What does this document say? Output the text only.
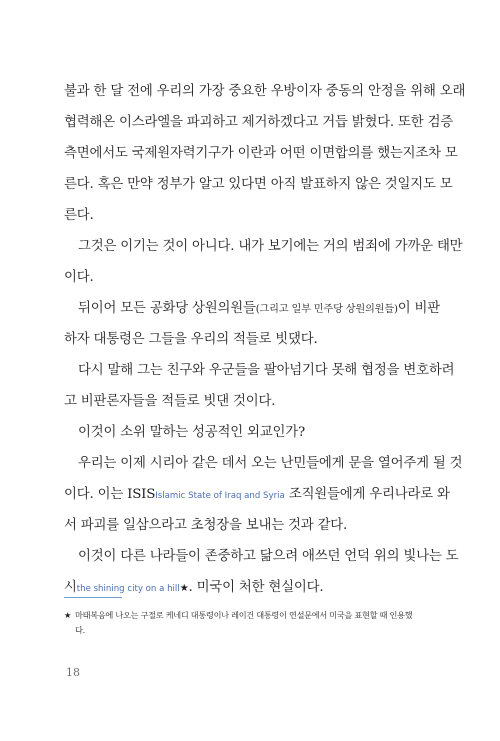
불과 한 달 전에 우리의 가장 중요한 우방이자 중동의 안정을 위해 오래
협력해온 이스라엘을 파괴하고 제거하겠다고 거듭 밝혔다. 또한 검증
측면에서도 국제원자력기구가 이란과 어떤 이면합의를 했는지조차 모
른다. 혹은 만약 정부가 알고 있다면 아직 발표하지 않은 것일지도 모
른다.
그것은 이기는 것이 아니다. 내가 보기에는 거의 범죄에 가까운 태만
이다.
뒤이어 모든 공화당 상원의원들(그리고 일부 민주당 상원의원들)이 비판
하자 대통령은 그들을 우리의 적들로 빗댔다.
다시 말해 그는 친구와 우군들을 팔아넘기다 못해 협정을 변호하려
고 비판론자들을 적들로 빗댄 것이다.
이것이 소위 말하는 성공적인 외교인가?
우리는 이제 시리아 같은 데서 오는 난민들에게 문을 열어주게 될 것
이다. 이는 ISISIslamic State of Iraq and Syria 조직원들에게 우리나라로 와
서 파괴를 일삼으라고 초청장을 보내는 것과 같다.
이것이 다른 나라들이 존중하고 닮으려 애쓰던 언덕 위의 빛나는 도
시the shining city on a hill★. 미국이 처한 현실이다.
★ 마태복음에 나오는 구절로 케네디 대통령이나 레이건 대통령이 연설문에서 미국을 표현할 때 인용했
다.
18
